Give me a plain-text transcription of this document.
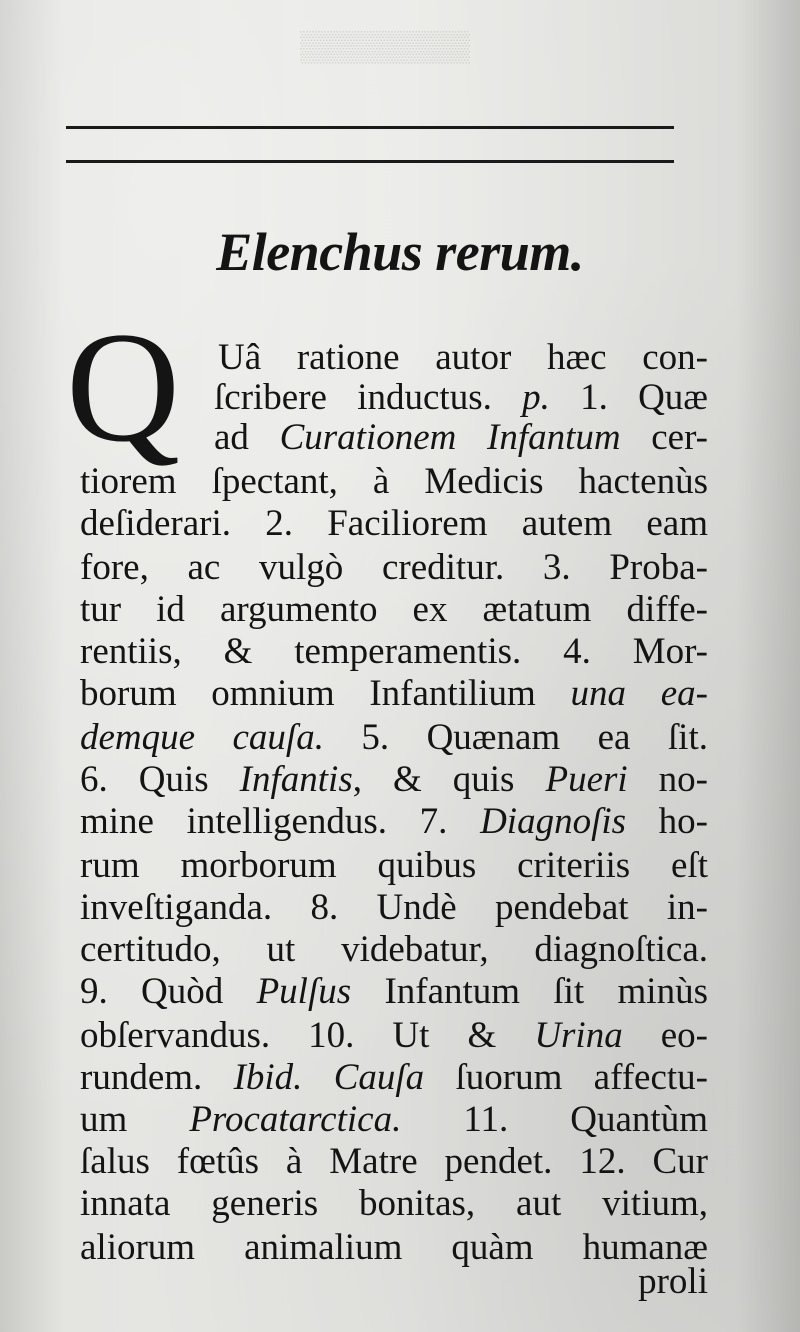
▒▒▒▒▒▒▒▒
Elenchus rerum.
Q Uâ ratione autor hæc con-
ſcribere inductus. p. 1. Quæ
ad Curationem Infantum cer-
tiorem ſpectant, à Medicis hactenùs
deſiderari. 2. Faciliorem autem eam
fore, ac vulgò creditur. 3. Proba-
tur id argumento ex ætatum diffe-
rentiis, & temperamentis. 4. Mor-
borum omnium Infantilium una ea-
demque cauſa. 5. Quænam ea ſit.
6. Quis Infantis, & quis Pueri no-
mine intelligendus. 7. Diagnoſis ho-
rum morborum quibus criteriis eſt
inveſtiganda. 8. Undè pendebat in-
certitudo, ut videbatur, diagnoſtica.
9. Quòd Pulſus Infantum ſit minùs
obſervandus. 10. Ut & Urina eo-
rundem. Ibid. Cauſa ſuorum affectu-
um Procatarctica. 11. Quantùm
ſalus fœtûs à Matre pendet. 12. Cur
innata generis bonitas, aut vitium,
aliorum animalium quàm humanæ
proli
